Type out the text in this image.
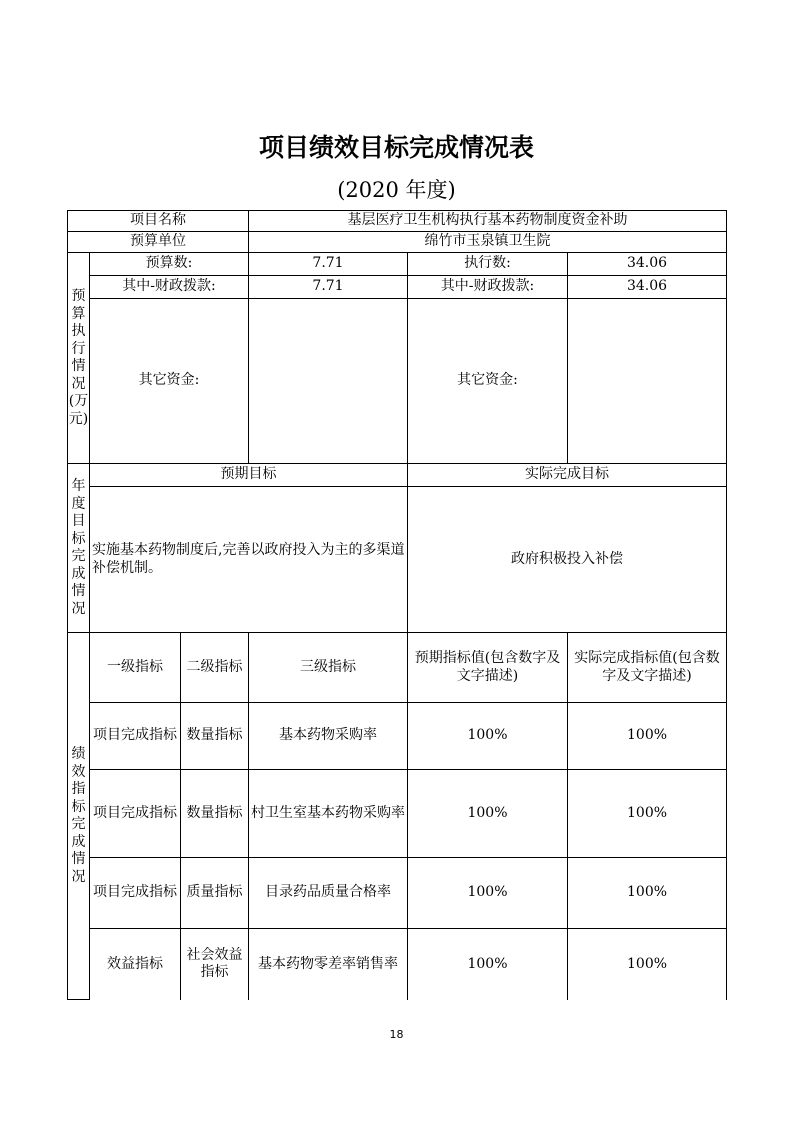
项目绩效目标完成情况表
(2020 年度)
项目名称			基层医疗卫生机构执行基本药物制度资金补助		
预算单位			绵竹市玉泉镇卫生院		
预算执行情况(万元)	预算数:		7.71	执行数:	34.06
	其中-财政拨款:		7.71	其中-财政拨款:	34.06
	其它资金:			其它资金:	
年度目标完成情况	预期目标			实际完成目标	
	实施基本药物制度后,完善以政府投入为主的多渠道补偿机制。			政府积极投入补偿	
绩效指标完成情况	一级指标	二级指标	三级指标	预期指标值(包含数字及文字描述)	实际完成指标值(包含数字及文字描述)
	项目完成指标	数量指标	基本药物采购率	100%	100%
	项目完成指标	数量指标	村卫生室基本药物采购率	100%	100%
	项目完成指标	质量指标	目录药品质量合格率	100%	100%
	效益指标	社会效益指标	基本药物零差率销售率	100%	100%
18
